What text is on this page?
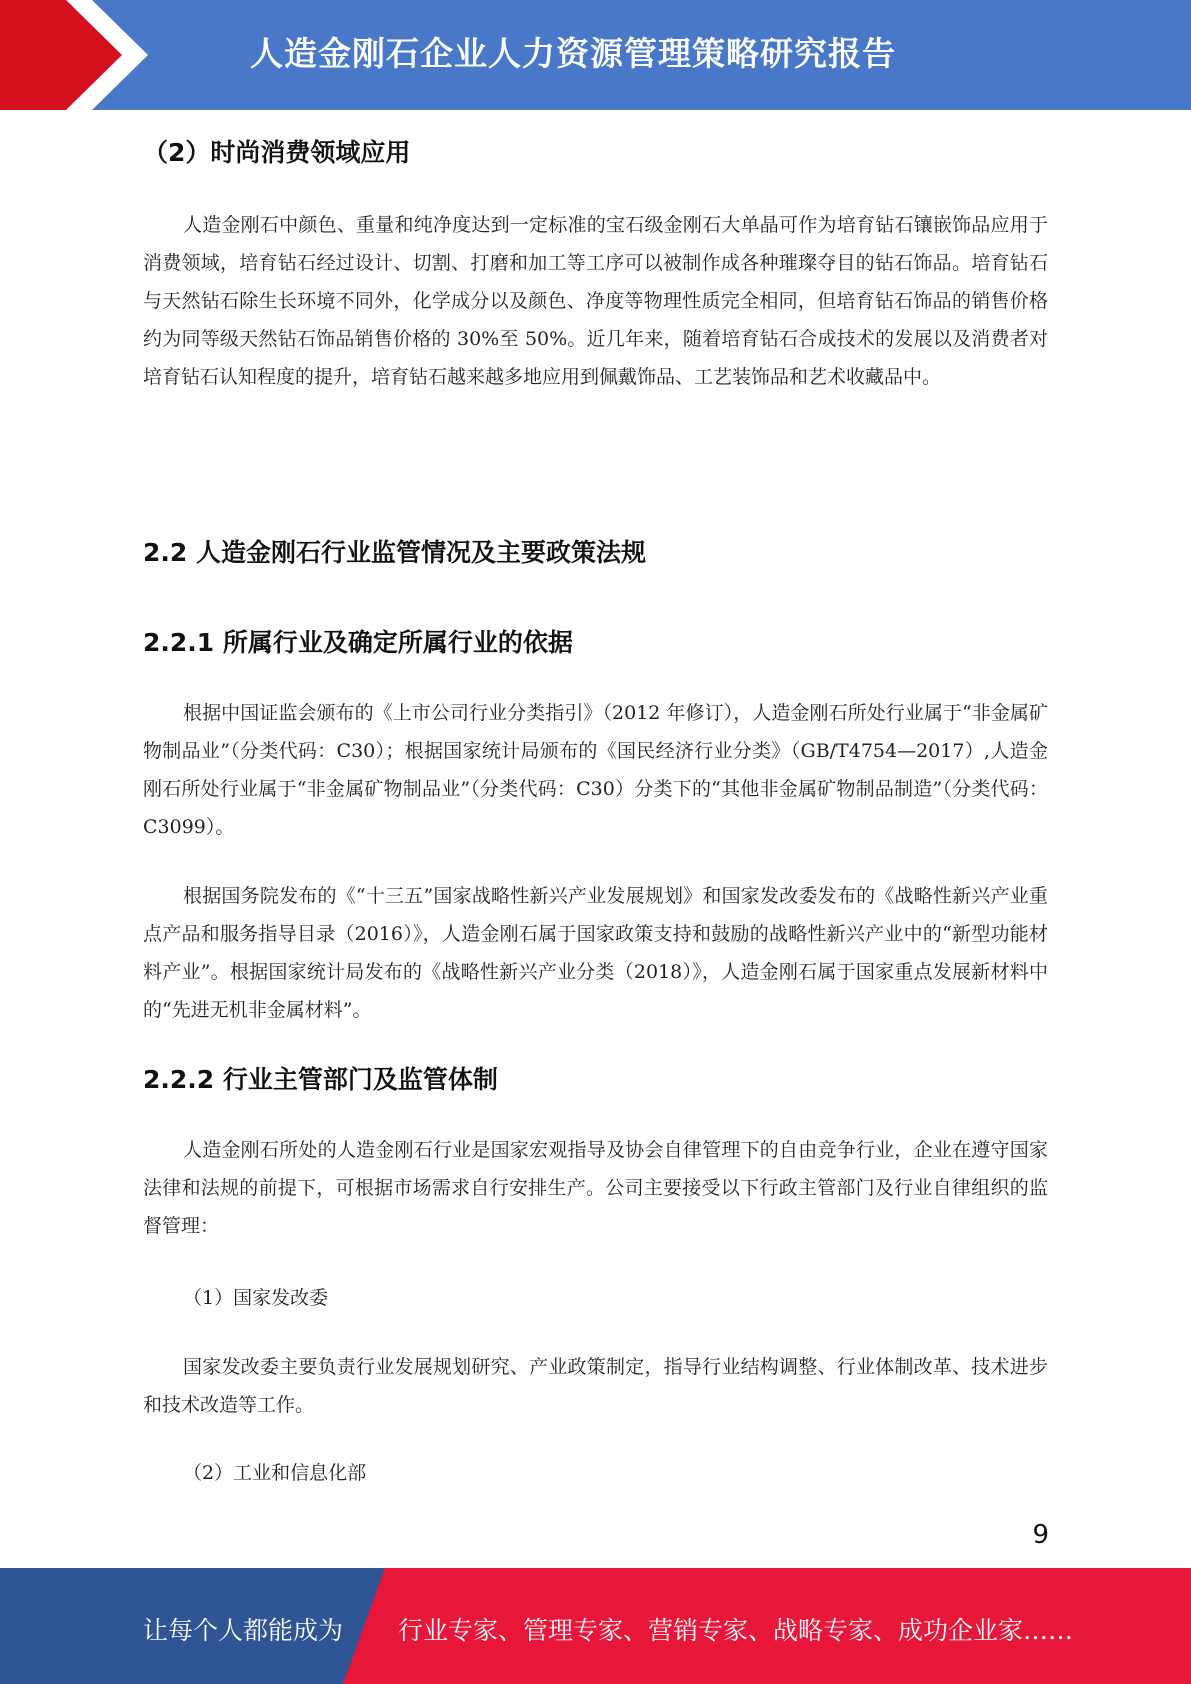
人造金刚石企业人力资源管理策略研究报告
（2）时尚消费领域应用
人造金刚石中颜色、重量和纯净度达到一定标准的宝石级金刚石大单晶可作为培育钻石镶嵌饰品应用于消费领域，培育钻石经过设计、切割、打磨和加工等工序可以被制作成各种璀璨夺目的钻石饰品。培育钻石与天然钻石除生长环境不同外，化学成分以及颜色、净度等物理性质完全相同，但培育钻石饰品的销售价格约为同等级天然钻石饰品销售价格的 30%至 50%。近几年来，随着培育钻石合成技术的发展以及消费者对培育钻石认知程度的提升，培育钻石越来越多地应用到佩戴饰品、工艺装饰品和艺术收藏品中。
2.2 人造金刚石行业监管情况及主要政策法规
2.2.1 所属行业及确定所属行业的依据
根据中国证监会颁布的《上市公司行业分类指引》（2012 年修订），人造金刚石所处行业属于“非金属矿物制品业”（分类代码：C30）；根据国家统计局颁布的《国民经济行业分类》（GB/T4754—2017）,人造金刚石所处行业属于“非金属矿物制品业”（分类代码：C30）分类下的“其他非金属矿物制品制造”（分类代码：C3099）。
根据国务院发布的《“十三五”国家战略性新兴产业发展规划》和国家发改委发布的《战略性新兴产业重点产品和服务指导目录（2016）》，人造金刚石属于国家政策支持和鼓励的战略性新兴产业中的“新型功能材料产业”。根据国家统计局发布的《战略性新兴产业分类（2018）》，人造金刚石属于国家重点发展新材料中的“先进无机非金属材料”。
2.2.2 行业主管部门及监管体制
人造金刚石所处的人造金刚石行业是国家宏观指导及协会自律管理下的自由竞争行业，企业在遵守国家法律和法规的前提下，可根据市场需求自行安排生产。公司主要接受以下行政主管部门及行业自律组织的监督管理：
（1）国家发改委
国家发改委主要负责行业发展规划研究、产业政策制定，指导行业结构调整、行业体制改革、技术进步和技术改造等工作。
（2）工业和信息化部
9
让每个人都能成为 行业专家、管理专家、营销专家、战略专家、成功企业家……
